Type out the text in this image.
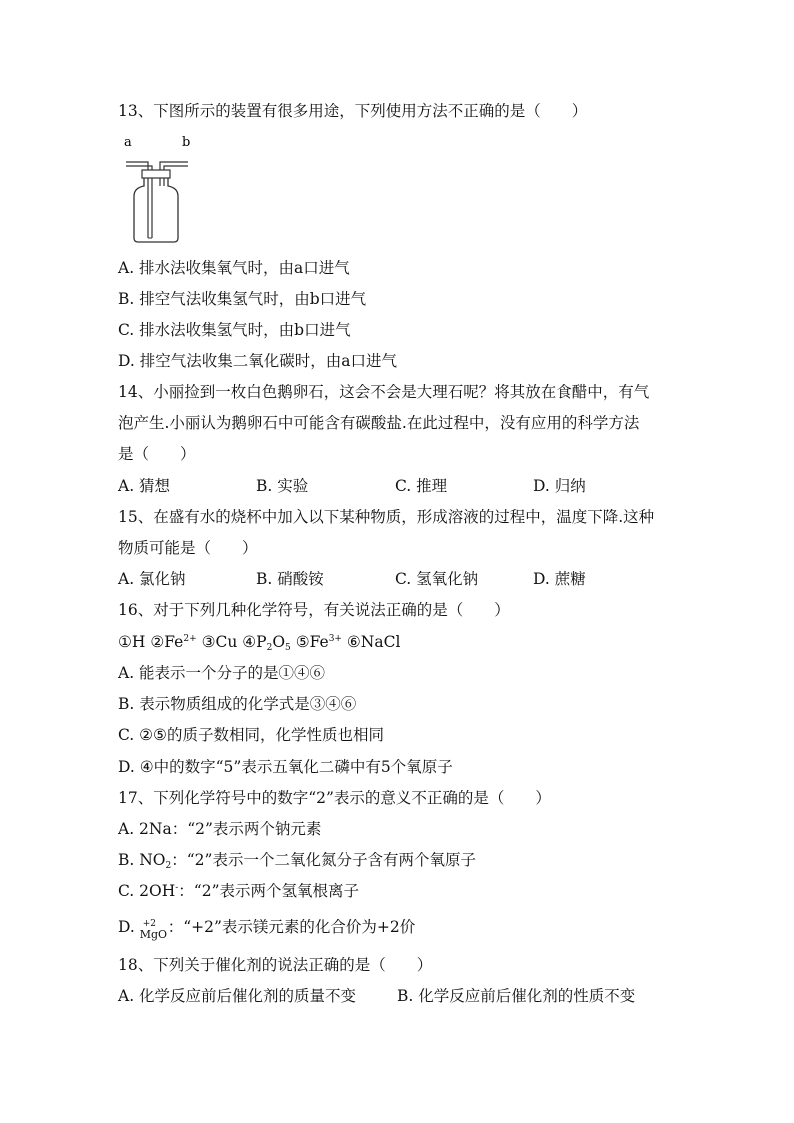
13、下图所示的装置有很多用途，下列使用方法不正确的是（　　）
a	b
A. 排水法收集氧气时，由a口进气
B. 排空气法收集氢气时，由b口进气
C. 排水法收集氢气时，由b口进气
D. 排空气法收集二氧化碳时，由a口进气
14、小丽捡到一枚白色鹅卵石，这会不会是大理石呢？将其放在食醋中，有气
泡产生.小丽认为鹅卵石中可能含有碳酸盐.在此过程中，没有应用的科学方法
是（　　）
A. 猜想	B. 实验	C. 推理	D. 归纳
15、在盛有水的烧杯中加入以下某种物质，形成溶液的过程中，温度下降.这种
物质可能是（　　）
A. 氯化钠	B. 硝酸铵	C. 氢氧化钠	D. 蔗糖
16、对于下列几种化学符号，有关说法正确的是（　　）
①H $②Fe^{2+}$ ③Cu $④P_2O_5$ $⑤Fe^{3+}$ ⑥NaCl
A. 能表示一个分子的是①④⑥
B. 表示物质组成的化学式是③④⑥
C. ②⑤的质子数相同，化学性质也相同
D. ④中的数字“5”表示五氧化二磷中有5个氧原子
17、下列化学符号中的数字“2”表示的意义不正确的是（　　）
A. 2Na：“2”表示两个钠元素
B. $NO_2$：“2”表示一个二氧化氮分子含有两个氧原子
C. 2OH-：“2”表示两个氢氧根离子
D. +2
MgO ：“+2”表示镁元素的化合价为+2价
18、下列关于催化剂的说法正确的是（　　）
A. 化学反应前后催化剂的质量不变	B. 化学反应前后催化剂的性质不变
